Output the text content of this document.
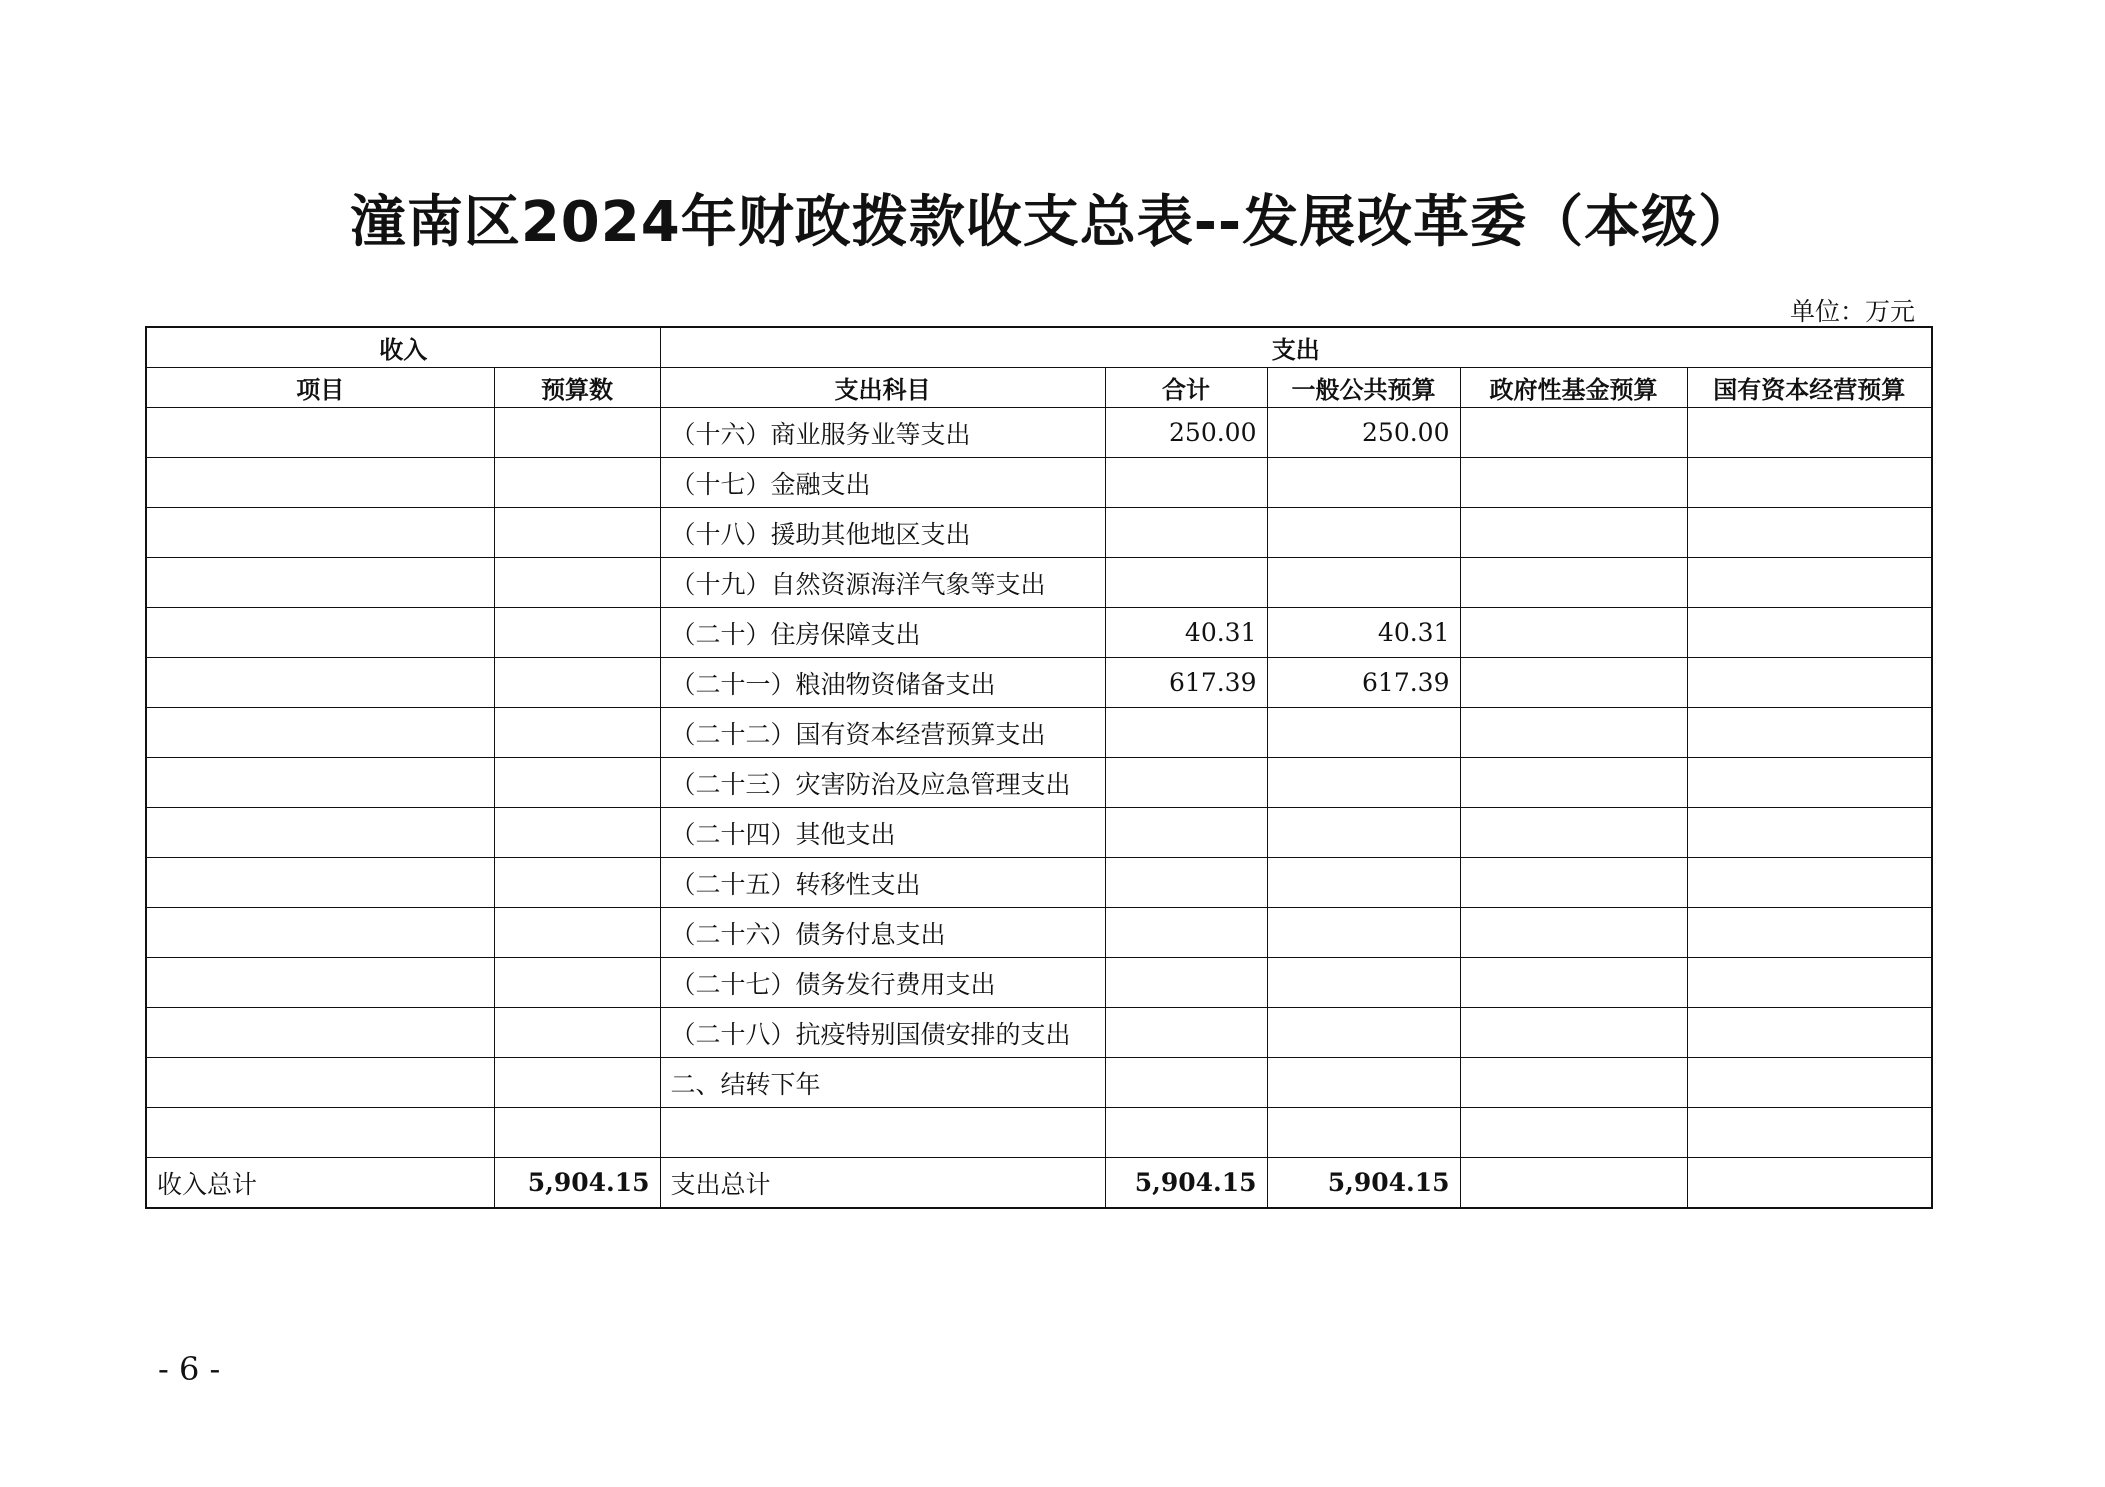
潼南区2024年财政拨款收支总表--发展改革委（本级）
单位：万元
收入		支出				
项目	预算数	支出科目	合计	一般公共预算	政府性基金预算	国有资本经营预算
		（十六）商业服务业等支出	250.00	250.00		
		（十七）金融支出				
		（十八）援助其他地区支出				
		（十九）自然资源海洋气象等支出				
		（二十）住房保障支出	40.31	40.31		
		（二十一）粮油物资储备支出	617.39	617.39		
		（二十二）国有资本经营预算支出				
		（二十三）灾害防治及应急管理支出				
		（二十四）其他支出				
		（二十五）转移性支出				
		（二十六）债务付息支出				
		（二十七）债务发行费用支出				
		（二十八）抗疫特别国债安排的支出				
		二、结转下年				

收入总计	5,904.15	支出总计	5,904.15	5,904.15		
- 6 -
